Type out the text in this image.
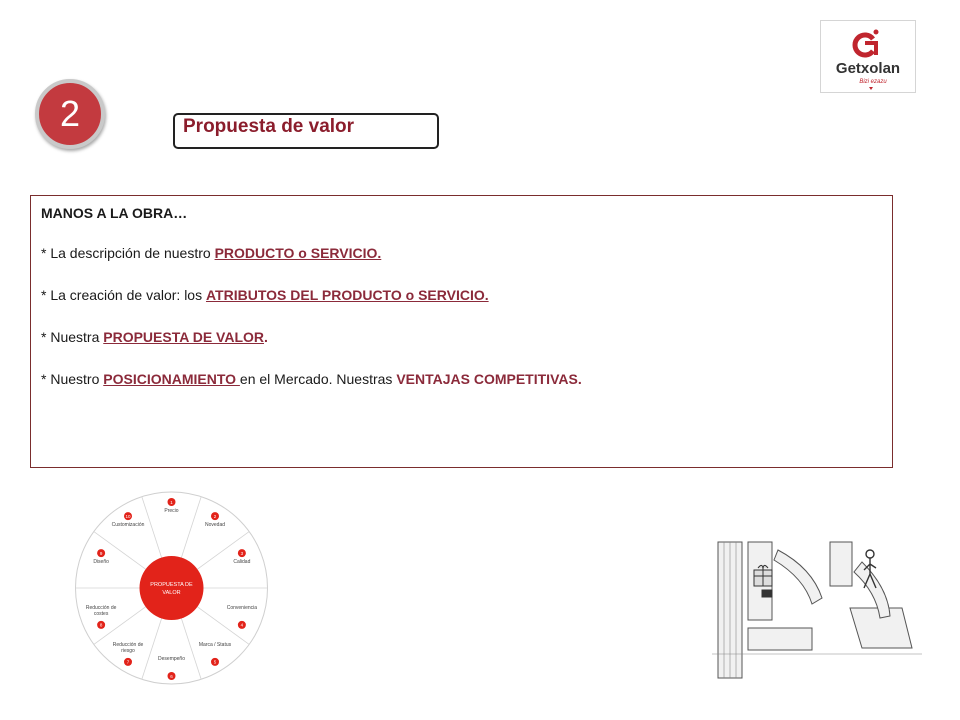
2	Propuesta de valor
Getxolan
Bizi ezazu

MANOS A LA OBRA…

* La descripción de nuestro PRODUCTO o SERVICIO.

* La creación de valor: los ATRIBUTOS DEL PRODUCTO o SERVICIO.

* Nuestra PROPUESTA DE VALOR.

* Nuestro POSICIONAMIENTO en el Mercado. Nuestras VENTAJAS COMPETITIVAS.

PROPUESTA DE
VALOR
1
Precio
2
Novedad
3
Calidad
4
Conveniencia
5
Marca / Status
6
Desempeño
7
Reducción de
riesgo
8
Reducción de
costes
9
Diseño
10
Customización
